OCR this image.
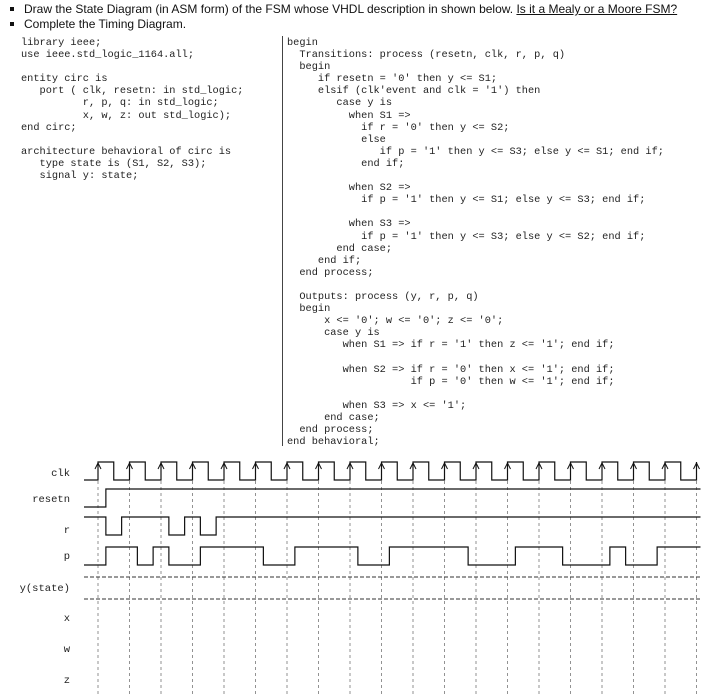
Draw the State Diagram (in ASM form) of the FSM whose VHDL description in shown below. Is it a Mealy or a Moore FSM?
Complete the Timing Diagram.
library ieee;
use ieee.std_logic_1164.all;

entity circ is
port ( clk, resetn: in std_logic;
r, p, q: in std_logic;
x, w, z: out std_logic);
end circ;

architecture behavioral of circ is
type state is (S1, S2, S3);
signal y: state;
begin
Transitions: process (resetn, clk, r, p, q)
begin
if resetn = '0' then y <= S1;
elsif (clk'event and clk = '1') then
case y is
when S1 =>
if r = '0' then y <= S2;
else
if p = '1' then y <= S3; else y <= S1; end if;
end if;

when S2 =>
if p = '1' then y <= S1; else y <= S3; end if;

when S3 =>
if p = '1' then y <= S3; else y <= S2; end if;
end case;
end if;
end process;

Outputs: process (y, r, p, q)
begin
x <= '0'; w <= '0'; z <= '0';
case y is
when S1 => if r = '1' then z <= '1'; end if;

when S2 => if r = '0' then x <= '1'; end if;
if p = '0' then w <= '1'; end if;

when S3 => x <= '1';
end case;
end process;
end behavioral;
clk
resetn
r
p
y(state)
x
w
z
